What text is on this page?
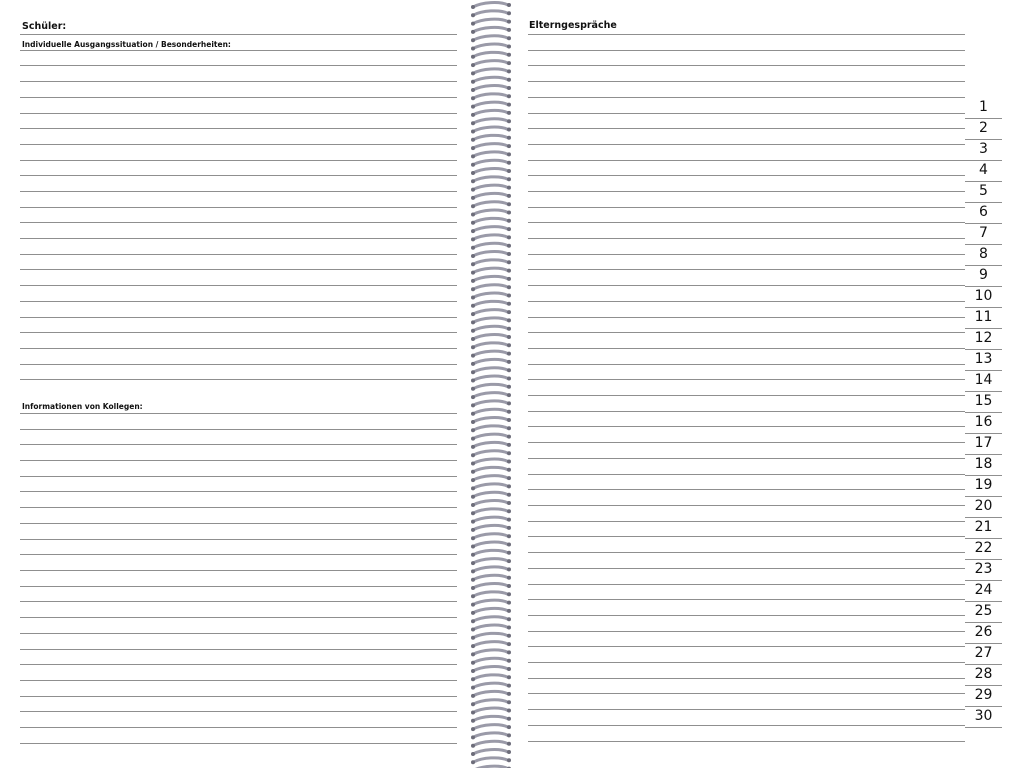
Schüler:
Individuelle Ausgangssituation / Besonderheiten:
Informationen von Kollegen:
Elterngespräche
1
2
3
4
5
6
7
8
9
10
11
12
13
14
15
16
17
18
19
20
21
22
23
24
25
26
27
28
29
30
